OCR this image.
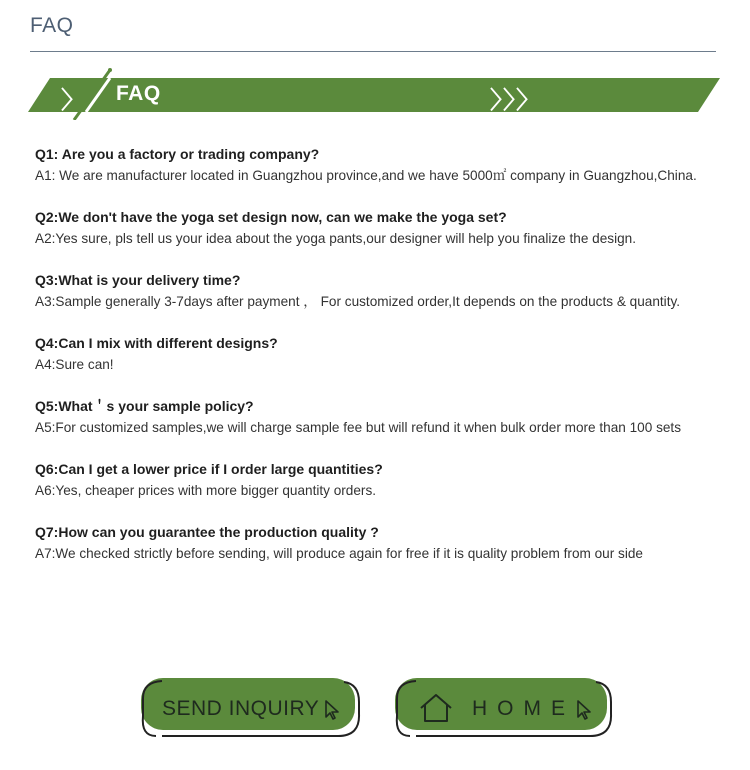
FAQ
〉 FAQ	〉〉〉
Q1: Are you a factory or trading company?
A1: We are manufacturer located in Guangzhou province,and we have 5000㎡ company in Guangzhou,China.
Q2:We don't have the yoga set design now, can we make the yoga set?
A2:Yes sure, pls tell us your idea about the yoga pants,our designer will help you finalize the design.
Q3:What is your delivery time?
A3:Sample generally 3-7days after payment ， For customized order,It depends on the products & quantity.
Q4:Can I mix with different designs?
A4:Sure can!
Q5:What＇s your sample policy?
A5:For customized samples,we will charge sample fee but will refund it when bulk order more than 100 sets
Q6:Can I get a lower price if I order large quantities?
A6:Yes, cheaper prices with more bigger quantity orders.
Q7:How can you guarantee the production quality ?
A7:We checked strictly before sending, will produce again for free if it is quality problem from our side
SEND INQUIRY	HOME
